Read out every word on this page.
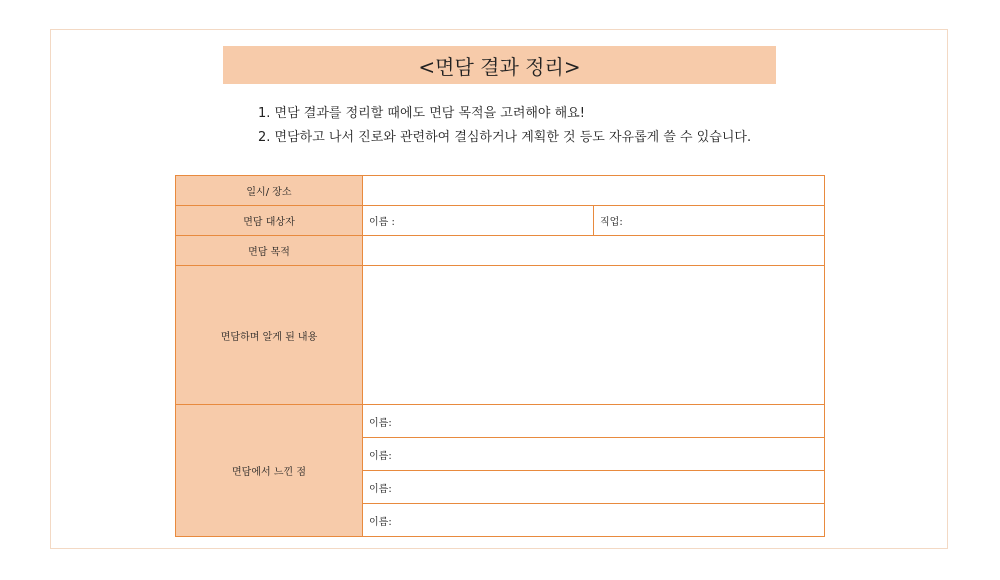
<면담 결과 정리>
1. 면담 결과를 정리할 때에도 면담 목적을 고려해야 해요!
2. 면담하고 나서 진로와 관련하여 결심하거나 계획한 것 등도 자유롭게 쓸 수 있습니다.
일시/ 장소		
면담 대상자	이름 :	직업:
면담 목적		
면담하며 알게 된 내용		
면담에서 느낀 점	이름:	
	이름:	
	이름:	
	이름:	
